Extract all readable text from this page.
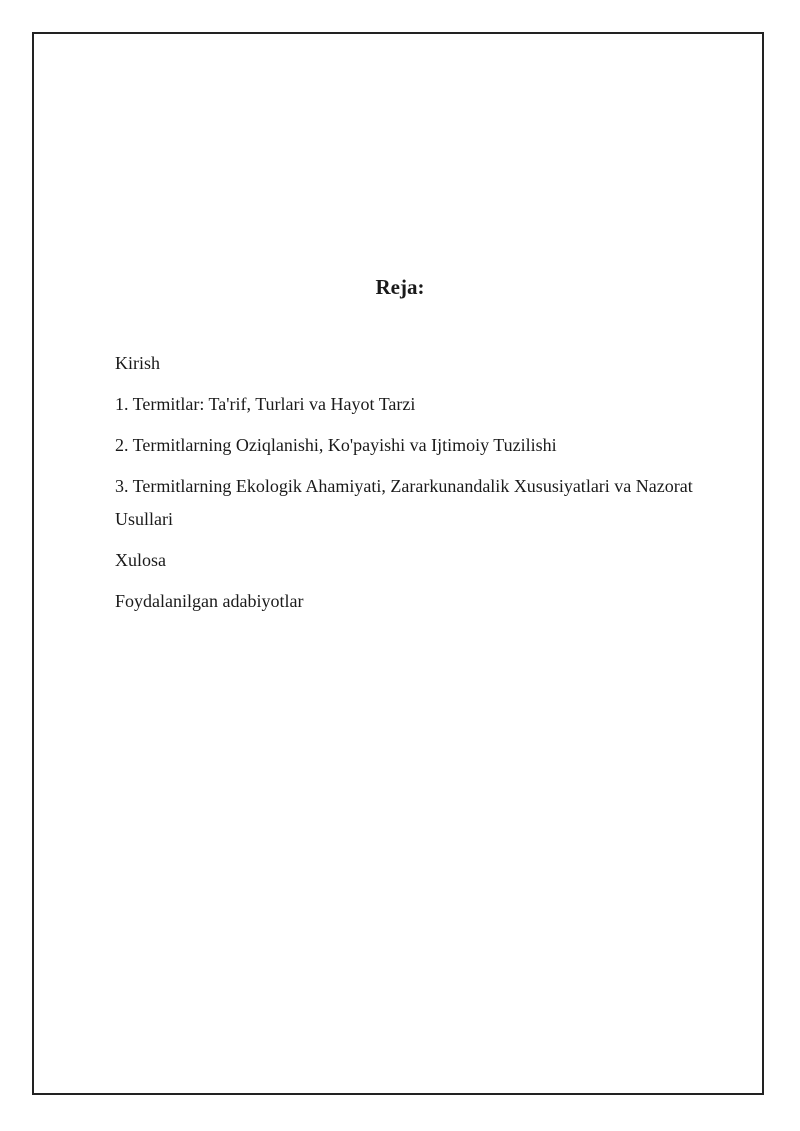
Reja:
Kirish
1. Termitlar: Ta'rif, Turlari va Hayot Tarzi
2. Termitlarning Oziqlanishi, Ko'payishi va Ijtimoiy Tuzilishi
3. Termitlarning Ekologik Ahamiyati, Zararkunandalik Xususiyatlari va Nazorat Usullari
Xulosa
Foydalanilgan adabiyotlar
